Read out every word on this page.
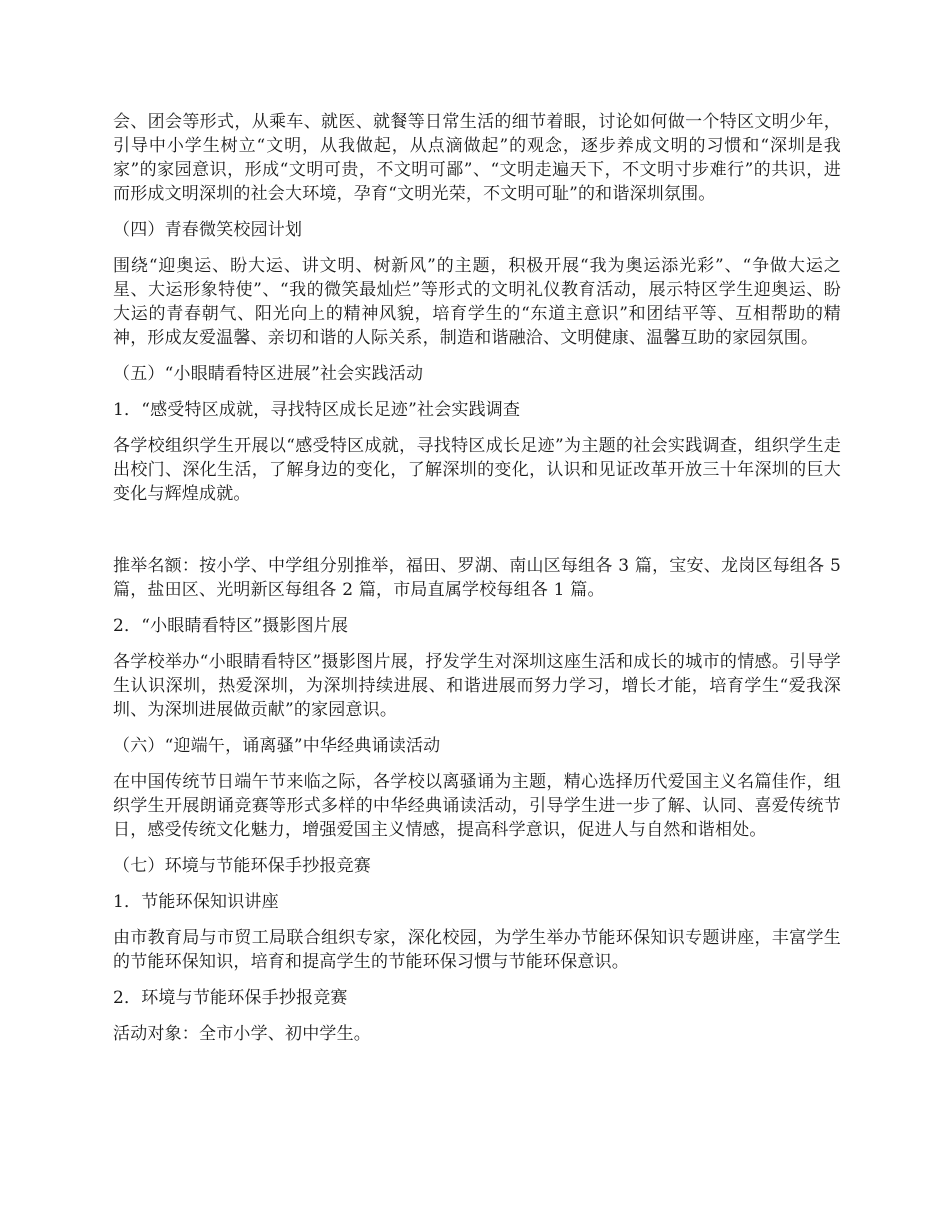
会、团会等形式，从乘车、就医、就餐等日常生活的细节着眼，讨论如何做一个特区文明少年，引导中小学生树立“文明，从我做起，从点滴做起”的观念，逐步养成文明的习惯和“深圳是我家”的家园意识，形成“文明可贵，不文明可鄙”、“文明走遍天下，不文明寸步难行”的共识，进而形成文明深圳的社会大环境，孕育“文明光荣，不文明可耻”的和谐深圳氛围。

（四）青春微笑校园计划

围绕“迎奥运、盼大运、讲文明、树新风”的主题，积极开展“我为奥运添光彩”、“争做大运之星、大运形象特使”、“我的微笑最灿烂”等形式的文明礼仪教育活动，展示特区学生迎奥运、盼大运的青春朝气、阳光向上的精神风貌，培育学生的“东道主意识”和团结平等、互相帮助的精神，形成友爱温馨、亲切和谐的人际关系，制造和谐融洽、文明健康、温馨互助的家园氛围。

（五）“小眼睛看特区进展”社会实践活动

1．“感受特区成就，寻找特区成长足迹”社会实践调查

各学校组织学生开展以“感受特区成就，寻找特区成长足迹”为主题的社会实践调查，组织学生走出校门、深化生活，了解身边的变化，了解深圳的变化，认识和见证改革开放三十年深圳的巨大变化与辉煌成就。

推举名额：按小学、中学组分别推举，福田、罗湖、南山区每组各 3 篇，宝安、龙岗区每组各 5 篇，盐田区、光明新区每组各 2 篇，市局直属学校每组各 1 篇。

2．“小眼睛看特区”摄影图片展

各学校举办“小眼睛看特区”摄影图片展，抒发学生对深圳这座生活和成长的城市的情感。引导学生认识深圳，热爱深圳，为深圳持续进展、和谐进展而努力学习，增长才能，培育学生“爱我深圳、为深圳进展做贡献”的家园意识。

（六）“迎端午，诵离骚”中华经典诵读活动

在中国传统节日端午节来临之际，各学校以离骚诵为主题，精心选择历代爱国主义名篇佳作，组织学生开展朗诵竞赛等形式多样的中华经典诵读活动，引导学生进一步了解、认同、喜爱传统节日，感受传统文化魅力，增强爱国主义情感，提高科学意识，促进人与自然和谐相处。

（七）环境与节能环保手抄报竞赛

1．节能环保知识讲座

由市教育局与市贸工局联合组织专家，深化校园，为学生举办节能环保知识专题讲座，丰富学生的节能环保知识，培育和提高学生的节能环保习惯与节能环保意识。

2．环境与节能环保手抄报竞赛

活动对象：全市小学、初中学生。
